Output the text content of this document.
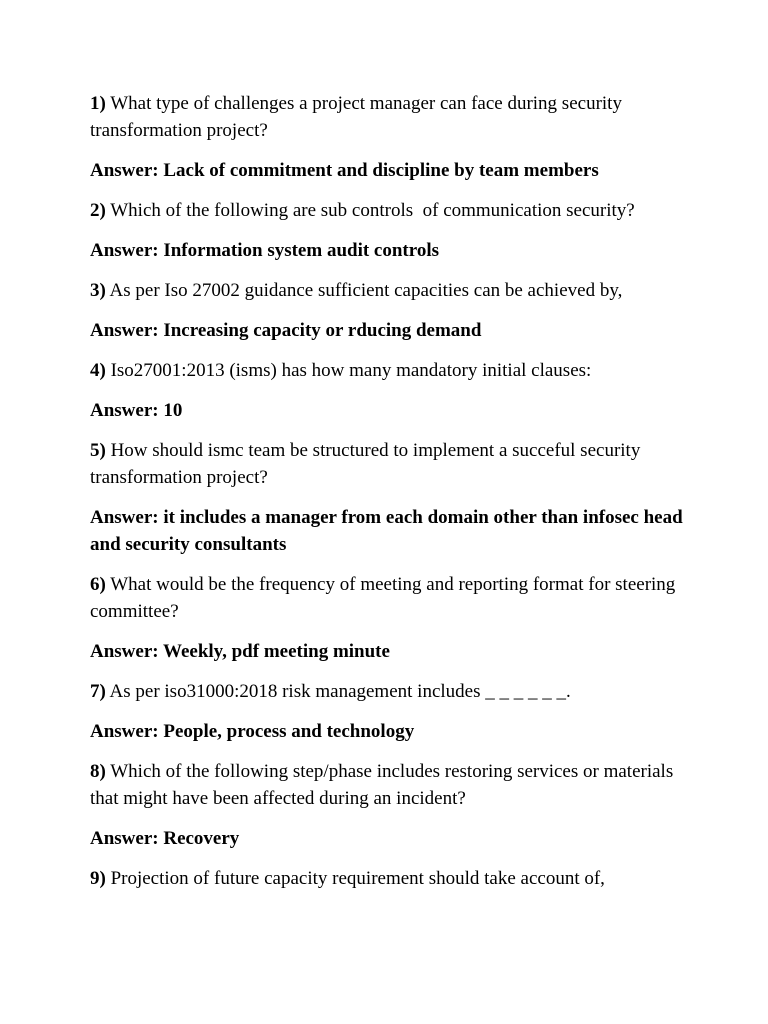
1) What type of challenges a project manager can face during security transformation project?

Answer: Lack of commitment and discipline by team members

2) Which of the following are sub controls  of communication security?

Answer: Information system audit controls

3) As per Iso 27002 guidance sufficient capacities can be achieved by,

Answer: Increasing capacity or rducing demand

4) Iso27001:2013 (isms) has how many mandatory initial clauses:

Answer: 10

5) How should ismc team be structured to implement a succeful security transformation project?

Answer: it includes a manager from each domain other than infosec head and security consultants

6) What would be the frequency of meeting and reporting format for steering committee?

Answer: Weekly, pdf meeting minute

7) As per iso31000:2018 risk management includes _ _ _ _ _ _.

Answer: People, process and technology

8) Which of the following step/phase includes restoring services or materials that might have been affected during an incident?

Answer: Recovery

9) Projection of future capacity requirement should take account of,
